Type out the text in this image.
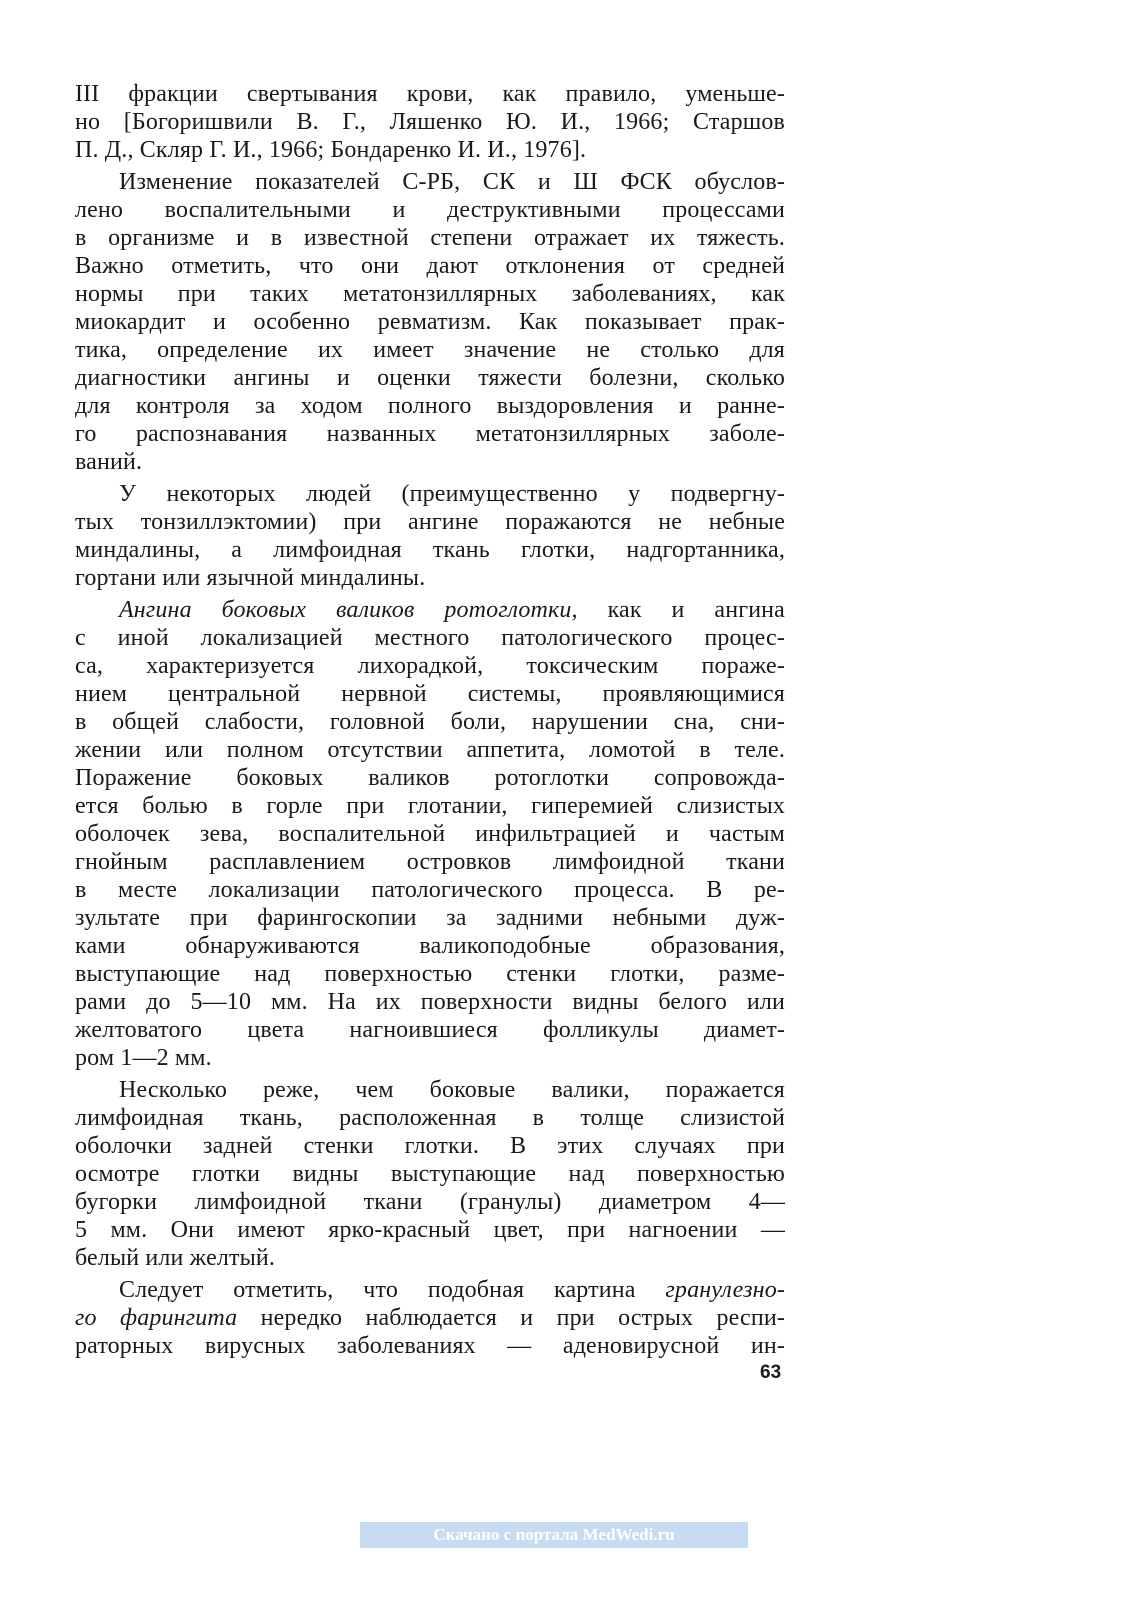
III фракции свертывания крови, как правило, уменьше-
но [Богоришвили В. Г., Ляшенко Ю. И., 1966; Старшов
П. Д., Скляр Г. И., 1966; Бондаренко И. И., 1976].

Изменение показателей С-РБ, СК и Ш ФСК обуслов-
лено воспалительными и деструктивными процессами
в организме и в известной степени отражает их тяжесть.
Важно отметить, что они дают отклонения от средней
нормы при таких метатонзиллярных заболеваниях, как
миокардит и особенно ревматизм. Как показывает прак-
тика, определение их имеет значение не столько для
диагностики ангины и оценки тяжести болезни, сколько
для контроля за ходом полного выздоровления и ранне-
го распознавания названных метатонзиллярных заболе-
ваний.

У некоторых людей (преимущественно у подвергну-
тых тонзиллэктомии) при ангине поражаются не небные
миндалины, а лимфоидная ткань глотки, надгортанника,
гортани или язычной миндалины.

Ангина боковых валиков ротоглотки, как и ангина
с иной локализацией местного патологического процес-
са, характеризуется лихорадкой, токсическим пораже-
нием центральной нервной системы, проявляющимися
в общей слабости, головной боли, нарушении сна, сни-
жении или полном отсутствии аппетита, ломотой в теле.
Поражение боковых валиков ротоглотки сопровожда-
ется болью в горле при глотании, гиперемией слизистых
оболочек зева, воспалительной инфильтрацией и частым
гнойным расплавлением островков лимфоидной ткани
в месте локализации патологического процесса. В ре-
зультате при фарингоскопии за задними небными дуж-
ками обнаруживаются валикоподобные образования,
выступающие над поверхностью стенки глотки, разме-
рами до 5—10 мм. На их поверхности видны белого или
желтоватого цвета нагноившиеся фолликулы диамет-
ром 1—2 мм.

Несколько реже, чем боковые валики, поражается
лимфоидная ткань, расположенная в толще слизистой
оболочки задней стенки глотки. В этих случаях при
осмотре глотки видны выступающие над поверхностью
бугорки лимфоидной ткани (гранулы) диаметром 4—
5 мм. Они имеют ярко-красный цвет, при нагноении —
белый или желтый.

Следует отметить, что подобная картина гранулезно-
го фарингита нередко наблюдается и при острых респи-
раторных вирусных заболеваниях — аденовирусной ин-

63
Скачано с портала MedWedi.ru
